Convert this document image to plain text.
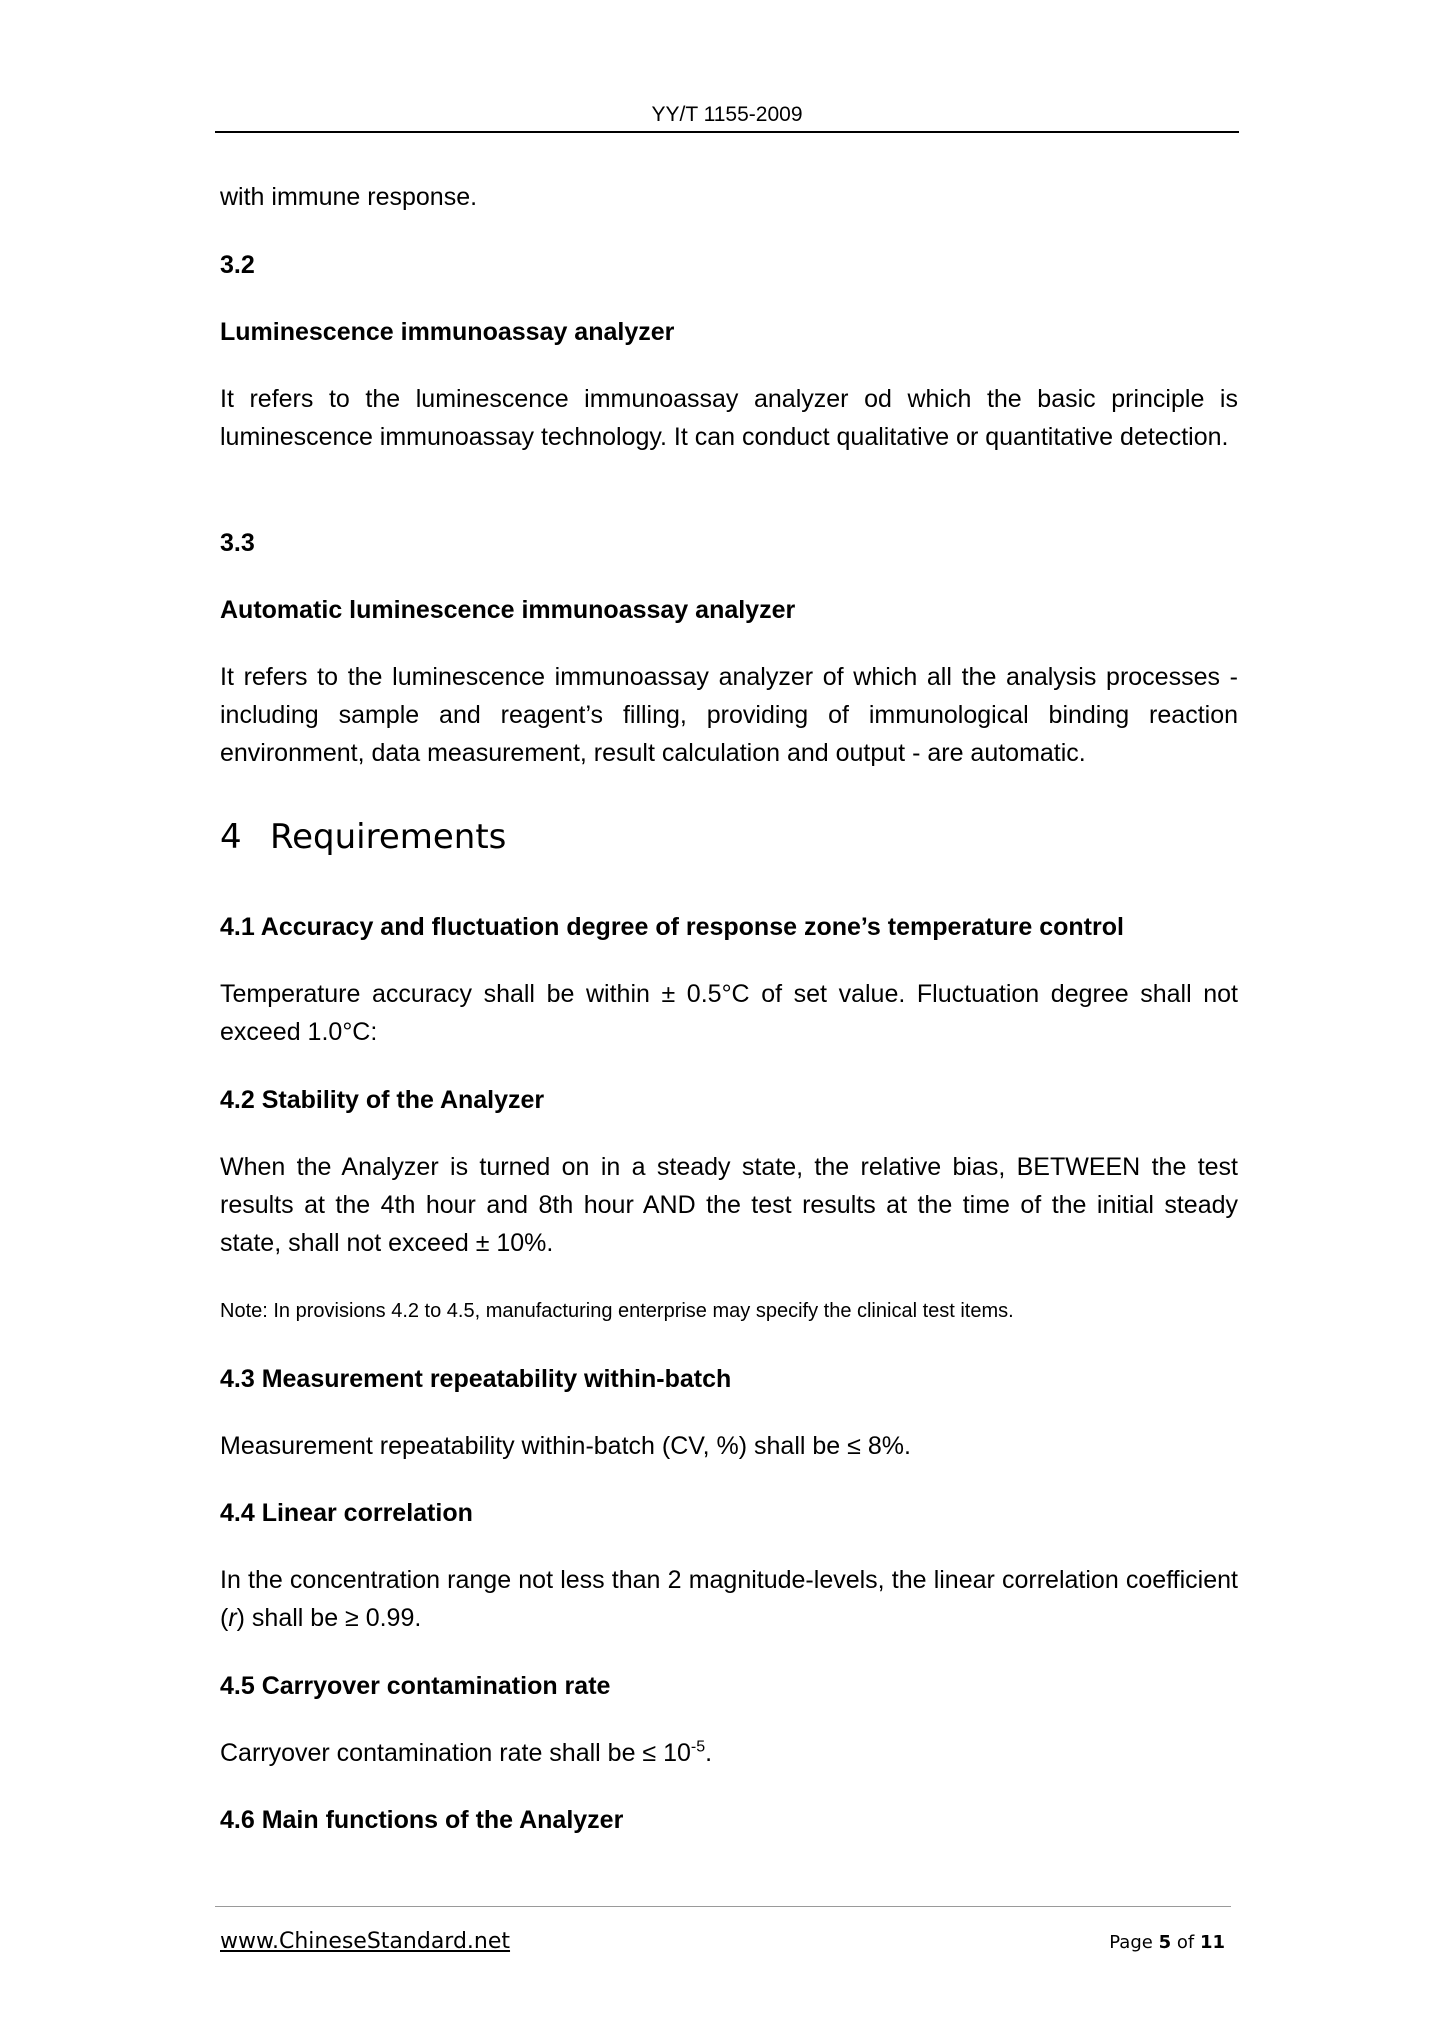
YY/T 1155-2009

with immune response.

3.2

Luminescence immunoassay analyzer

It refers to the luminescence immunoassay analyzer od which the basic principle is luminescence immunoassay technology. It can conduct qualitative or quantitative detection.

3.3

Automatic luminescence immunoassay analyzer

It refers to the luminescence immunoassay analyzer of which all the analysis processes - including sample and reagent’s filling, providing of immunological binding reaction environment, data measurement, result calculation and output - are automatic.

4 Requirements

4.1 Accuracy and fluctuation degree of response zone’s temperature control

Temperature accuracy shall be within ± 0.5°C of set value. Fluctuation degree shall not exceed 1.0°C:

4.2 Stability of the Analyzer

When the Analyzer is turned on in a steady state, the relative bias, BETWEEN the test results at the 4th hour and 8th hour AND the test results at the time of the initial steady state, shall not exceed ± 10%.

Note: In provisions 4.2 to 4.5, manufacturing enterprise may specify the clinical test items.

4.3 Measurement repeatability within-batch

Measurement repeatability within-batch (CV, %) shall be ≤ 8%.

4.4 Linear correlation

In the concentration range not less than 2 magnitude-levels, the linear correlation coefficient (r) shall be ≥ 0.99.

4.5 Carryover contamination rate

Carryover contamination rate shall be ≤ $10^{-5}$.

4.6 Main functions of the Analyzer

www.ChineseStandard.net	Page 5 of 11
